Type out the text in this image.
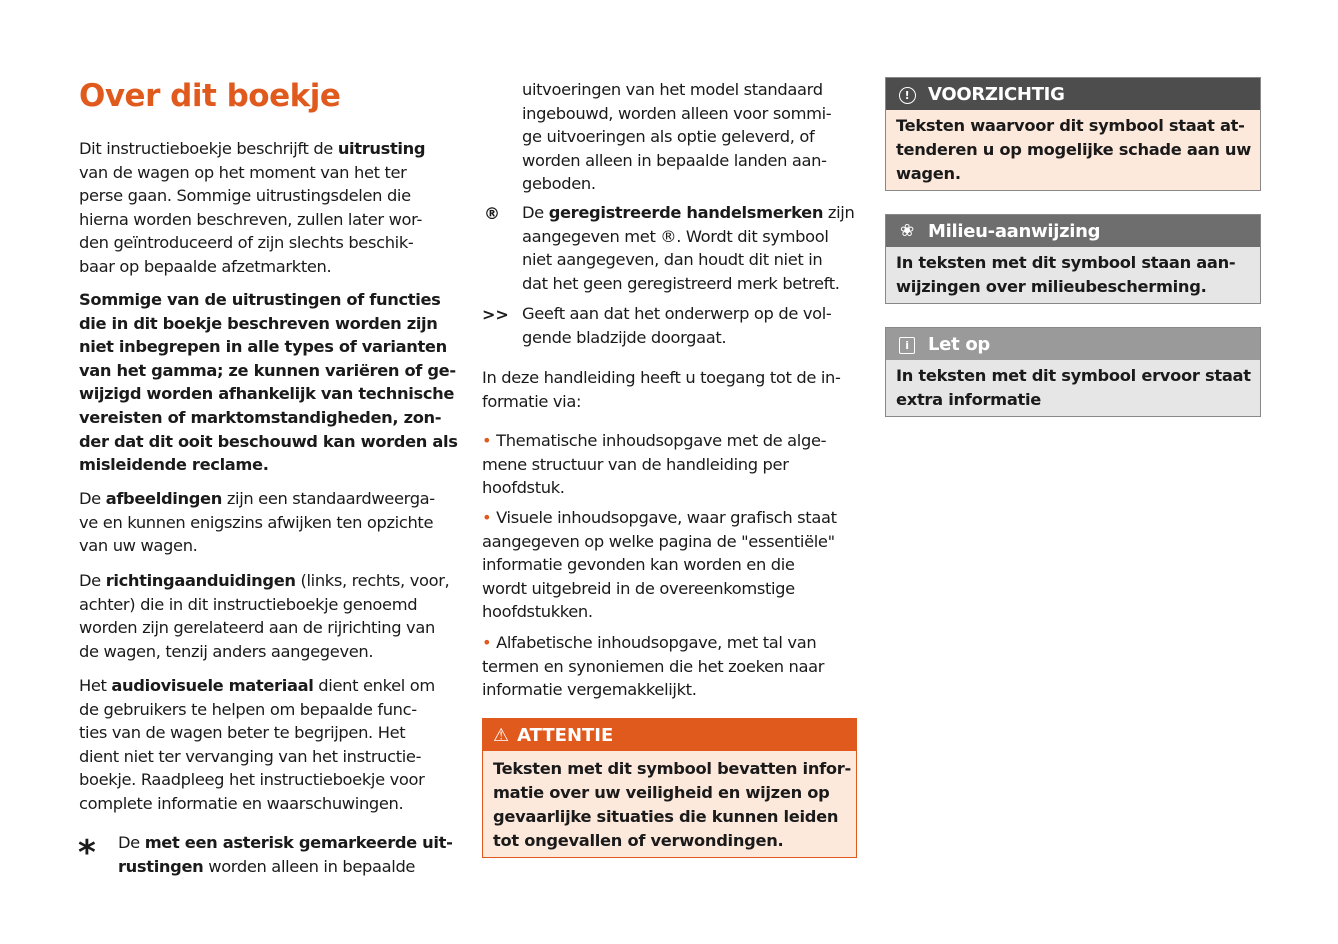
Over dit boekje
Dit instructieboekje beschrijft de uitrusting
van de wagen op het moment van het ter
perse gaan. Sommige uitrustingsdelen die
hierna worden beschreven, zullen later wor-
den geïntroduceerd of zijn slechts beschik-
baar op bepaalde afzetmarkten.
Sommige van de uitrustingen of functies
die in dit boekje beschreven worden zijn
niet inbegrepen in alle types of varianten
van het gamma; ze kunnen variëren of ge-
wijzigd worden afhankelijk van technische
vereisten of marktomstandigheden, zon-
der dat dit ooit beschouwd kan worden als
misleidende reclame.
De afbeeldingen zijn een standaardweerga-
ve en kunnen enigszins afwijken ten opzichte
van uw wagen.
De richtingaanduidingen (links, rechts, voor,
achter) die in dit instructieboekje genoemd
worden zijn gerelateerd aan de rijrichting van
de wagen, tenzij anders aangegeven.
Het audiovisuele materiaal dient enkel om
de gebruikers te helpen om bepaalde func-
ties van de wagen beter te begrijpen. Het
dient niet ter vervanging van het instructie-
boekje. Raadpleeg het instructieboekje voor
complete informatie en waarschuwingen.
De met een asterisk gemarkeerde uit-
rustingen worden alleen in bepaalde
uitvoeringen van het model standaard
ingebouwd, worden alleen voor sommi-
ge uitvoeringen als optie geleverd, of
worden alleen in bepaalde landen aan-
geboden.
De geregistreerde handelsmerken zijn
aangegeven met ®. Wordt dit symbool
niet aangegeven, dan houdt dit niet in
dat het geen geregistreerd merk betreft.
Geeft aan dat het onderwerp op de vol-
gende bladzijde doorgaat.
In deze handleiding heeft u toegang tot de in-
formatie via:
• Thematische inhoudsopgave met de alge-
mene structuur van de handleiding per
hoofdstuk.
• Visuele inhoudsopgave, waar grafisch staat
aangegeven op welke pagina de "essentiële"
informatie gevonden kan worden en die
wordt uitgebreid in de overeenkomstige
hoofdstukken.
• Alfabetische inhoudsopgave, met tal van
termen en synoniemen die het zoeken naar
informatie vergemakkelijkt.
*
®
>>
⚠ ATTENTIE
Teksten met dit symbool bevatten infor-
matie over uw veiligheid en wijzen op
gevaarlijke situaties die kunnen leiden
tot ongevallen of verwondingen.
!	VOORZICHTIG
Teksten waarvoor dit symbool staat at-
tenderen u op mogelijke schade aan uw
wagen.
❀ Milieu-aanwijzing
In teksten met dit symbool staan aan-
wijzingen over milieubescherming.
i	Let op
In teksten met dit symbool ervoor staat
extra informatie
